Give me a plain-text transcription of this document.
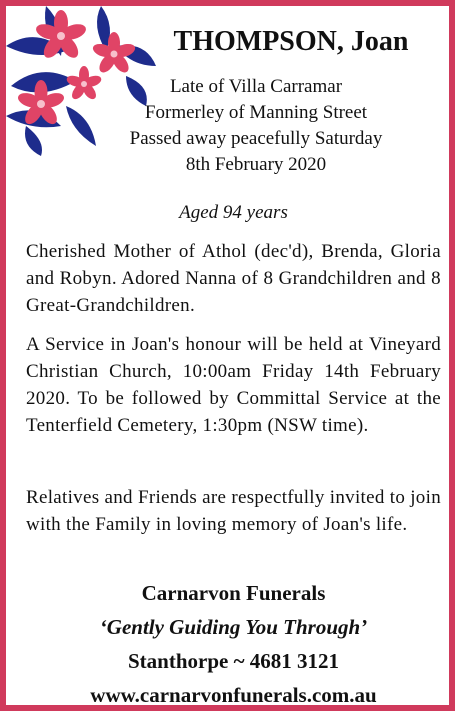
THOMPSON, Joan
Late of Villa Carramar
Formerley of Manning Street
Passed away peacefully Saturday
8th February 2020
Aged 94 years
Cherished Mother of Athol (dec'd), Brenda, Gloria and Robyn. Adored Nanna of 8 Grandchildren and 8 Great-Grandchildren.
A Service in Joan's honour will be held at Vineyard Christian Church, 10:00am Friday 14th February 2020. To be followed by Committal Service at the Tenterfield Cemetery, 1:30pm (NSW time).
Relatives and Friends are respectfully invited to join with the Family in loving memory of Joan's life.
Carnarvon Funerals
‘Gently Guiding You Through’
Stanthorpe ~ 4681 3121
www.carnarvonfunerals.com.au
